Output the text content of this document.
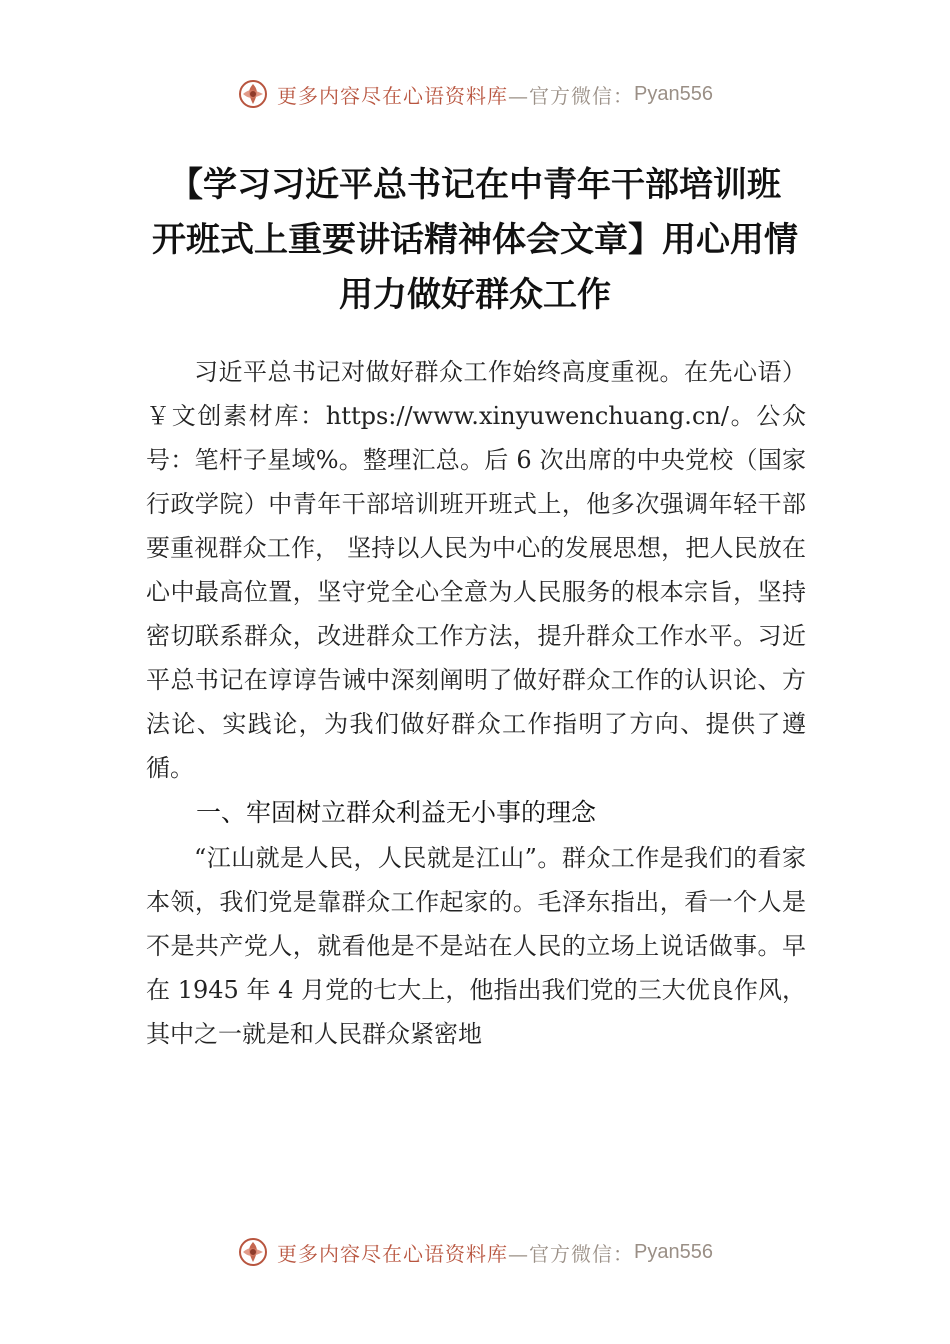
更多内容尽在心语资料库 —官方微信： Pyan556
【学习习近平总书记在中青年干部培训班
开班式上重要讲话精神体会文章】用心用情
用力做好群众工作

习近平总书记对做好群众工作始终高度重视。在先心语）￥文创素材库：https://www.xinyuwenchuang.cn/。公众号：笔杆子星域%。整理汇总。后 6 次出席的中央党校（国家行政学院）中青年干部培训班开班式上，他多次强调年轻干部要重视群众工作， 坚持以人民为中心的发展思想，把人民放在心中最高位置，坚守党全心全意为人民服务的根本宗旨，坚持密切联系群众，改进群众工作方法，提升群众工作水平。习近平总书记在谆谆告诫中深刻阐明了做好群众工作的认识论、方法论、实践论，为我们做好群众工作指明了方向、提供了遵循。

一、牢固树立群众利益无小事的理念

“江山就是人民，人民就是江山”。群众工作是我们的看家本领，我们党是靠群众工作起家的。毛泽东指出，看一个人是不是共产党人，就看他是不是站在人民的立场上说话做事。早在 1945 年 4 月党的七大上，他指出我们党的三大优良作风，其中之一就是和人民群众紧密地

更多内容尽在心语资料库 —官方微信： Pyan556
